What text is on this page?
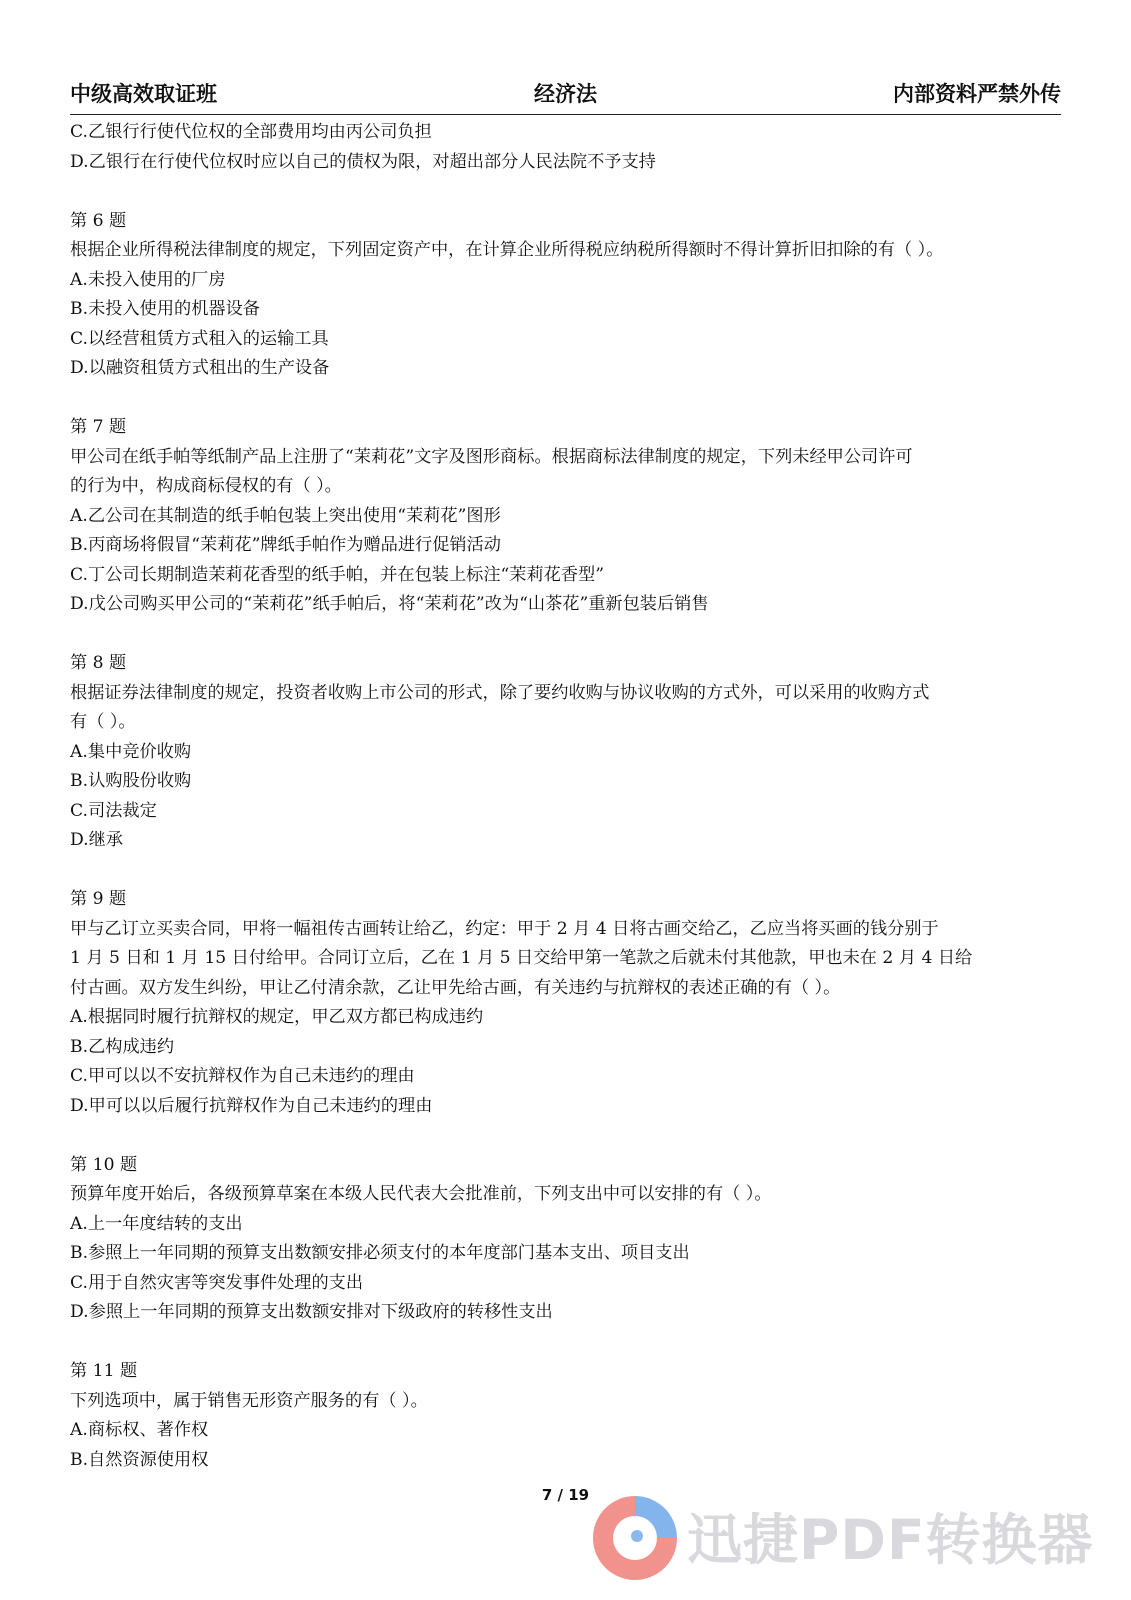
中级高效取证班	经济法	内部资料严禁外传
C.乙银行行使代位权的全部费用均由丙公司负担
D.乙银行在行使代位权时应以自己的债权为限，对超出部分人民法院不予支持
第 6 题
根据企业所得税法律制度的规定，下列固定资产中，在计算企业所得税应纳税所得额时不得计算折旧扣除的有（ ）。
A.未投入使用的厂房
B.未投入使用的机器设备
C.以经营租赁方式租入的运输工具
D.以融资租赁方式租出的生产设备
第 7 题
甲公司在纸手帕等纸制产品上注册了“茉莉花”文字及图形商标。根据商标法律制度的规定，下列未经甲公司许可
的行为中，构成商标侵权的有（ ）。
A.乙公司在其制造的纸手帕包装上突出使用“茉莉花”图形
B.丙商场将假冒“茉莉花”牌纸手帕作为赠品进行促销活动
C.丁公司长期制造茉莉花香型的纸手帕，并在包装上标注“茉莉花香型”
D.戊公司购买甲公司的“茉莉花”纸手帕后，将“茉莉花”改为“山茶花”重新包装后销售
第 8 题
根据证券法律制度的规定，投资者收购上市公司的形式，除了要约收购与协议收购的方式外，可以采用的收购方式
有（ ）。
A.集中竞价收购
B.认购股份收购
C.司法裁定
D.继承
第 9 题
甲与乙订立买卖合同，甲将一幅祖传古画转让给乙，约定：甲于 2 月 4 日将古画交给乙，乙应当将买画的钱分别于
1 月 5 日和 1 月 15 日付给甲。合同订立后，乙在 1 月 5 日交给甲第一笔款之后就未付其他款，甲也未在 2 月 4 日给
付古画。双方发生纠纷，甲让乙付清余款，乙让甲先给古画，有关违约与抗辩权的表述正确的有（ ）。
A.根据同时履行抗辩权的规定，甲乙双方都已构成违约
B.乙构成违约
C.甲可以以不安抗辩权作为自己未违约的理由
D.甲可以以后履行抗辩权作为自己未违约的理由
第 10 题
预算年度开始后，各级预算草案在本级人民代表大会批准前，下列支出中可以安排的有（ ）。
A.上一年度结转的支出
B.参照上一年同期的预算支出数额安排必须支付的本年度部门基本支出、项目支出
C.用于自然灾害等突发事件处理的支出
D.参照上一年同期的预算支出数额安排对下级政府的转移性支出
第 11 题
下列选项中，属于销售无形资产服务的有（ ）。
A.商标权、著作权
B.自然资源使用权
7 / 19
迅捷PDF转换器
